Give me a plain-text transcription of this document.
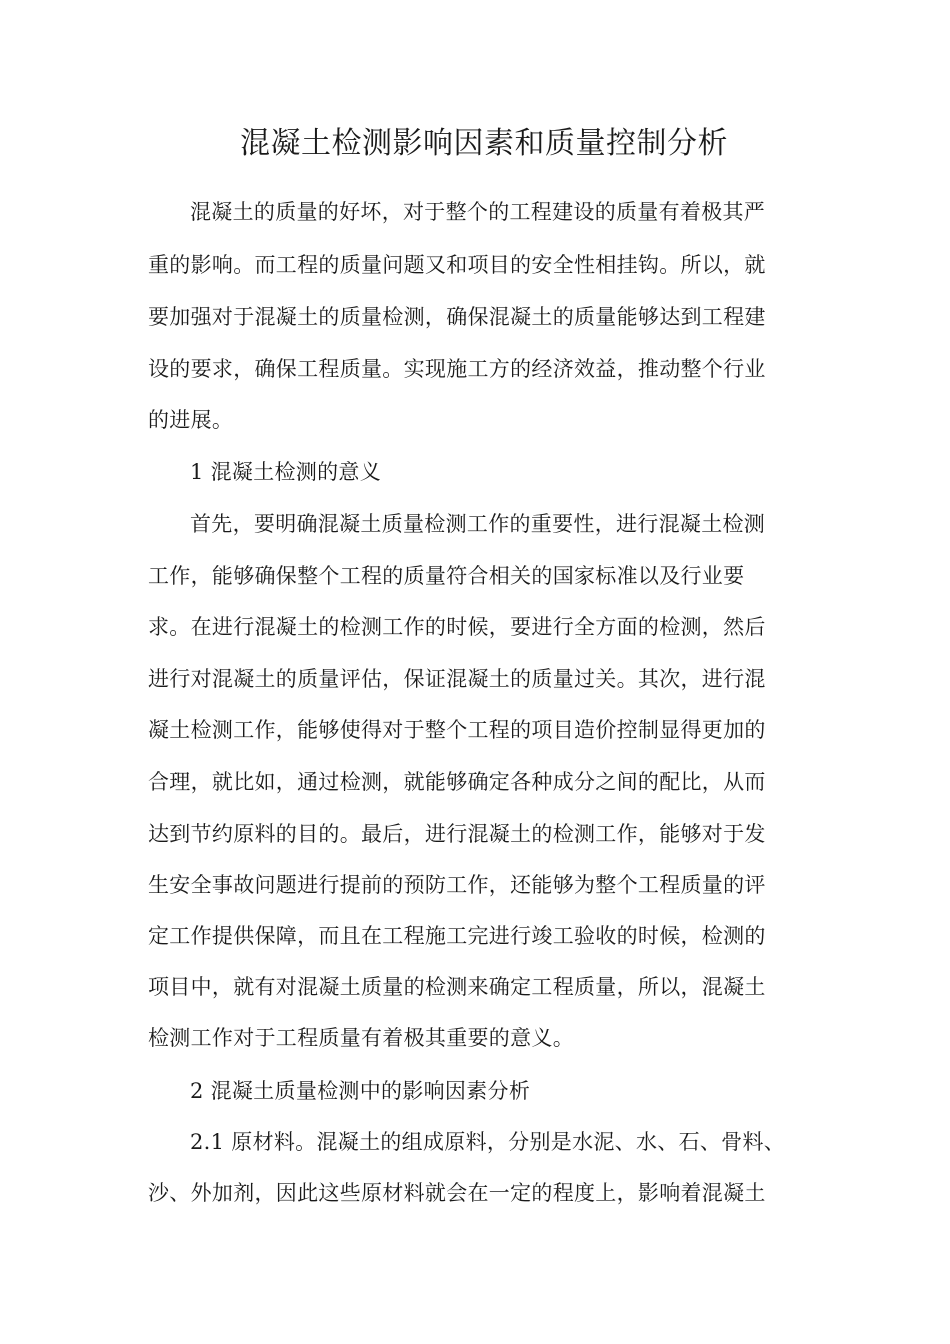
混凝土检测影响因素和质量控制分析
混凝土的质量的好坏，对于整个的工程建设的质量有着极其严
重的影响。而工程的质量问题又和项目的安全性相挂钩。所以，就
要加强对于混凝土的质量检测，确保混凝土的质量能够达到工程建
设的要求，确保工程质量。实现施工方的经济效益，推动整个行业
的进展。
1 混凝土检测的意义
首先，要明确混凝土质量检测工作的重要性，进行混凝土检测
工作，能够确保整个工程的质量符合相关的国家标准以及行业要
求。在进行混凝土的检测工作的时候，要进行全方面的检测，然后
进行对混凝土的质量评估，保证混凝土的质量过关。其次，进行混
凝土检测工作，能够使得对于整个工程的项目造价控制显得更加的
合理，就比如，通过检测，就能够确定各种成分之间的配比，从而
达到节约原料的目的。最后，进行混凝土的检测工作，能够对于发
生安全事故问题进行提前的预防工作，还能够为整个工程质量的评
定工作提供保障，而且在工程施工完进行竣工验收的时候，检测的
项目中，就有对混凝土质量的检测来确定工程质量，所以，混凝土
检测工作对于工程质量有着极其重要的意义。
2 混凝土质量检测中的影响因素分析
2.1 原材料。混凝土的组成原料，分别是水泥、水、石、骨料、
沙、外加剂，因此这些原材料就会在一定的程度上，影响着混凝土
